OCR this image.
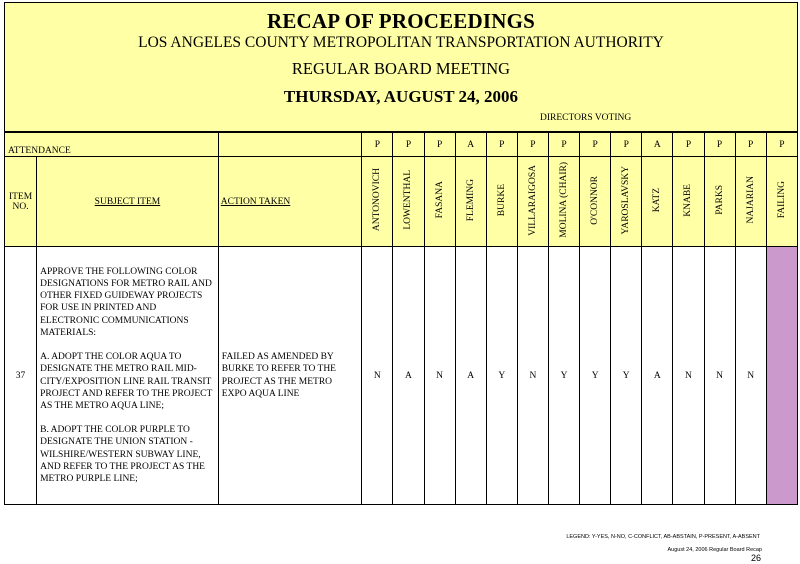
RECAP OF PROCEEDINGS
LOS ANGELES COUNTY METROPOLITAN TRANSPORTATION AUTHORITY
REGULAR BOARD MEETING
THURSDAY, AUGUST 24, 2006
DIRECTORS VOTING
ATTENDANCE			P	P	P	A	P	P	P	P	P	A	P	P	P	P
ITEM NO.	SUBJECT ITEM	ACTION TAKEN	ANTONOVICH	LOWENTHAL	FASANA	FLEMING	BURKE	VILLARAIGOSA	MOLINA (CHAIR)	O'CONNOR	YAROSLAVSKY	KATZ	KNABE	PARKS	NAJARIAN	FAILING
37	APPROVE THE FOLLOWING COLOR DESIGNATIONS FOR METRO RAIL AND OTHER FIXED GUIDEWAY PROJECTS FOR USE IN PRINTED AND ELECTRONIC COMMUNICATIONS MATERIALS:

A. ADOPT THE COLOR AQUA TO DESIGNATE THE METRO RAIL MID-CITY/EXPOSITION LINE RAIL TRANSIT PROJECT AND REFER TO THE PROJECT AS THE METRO AQUA LINE;

B. ADOPT THE COLOR PURPLE TO DESIGNATE THE UNION STATION - WILSHIRE/WESTERN SUBWAY LINE, AND REFER TO THE PROJECT AS THE METRO PURPLE LINE;	FAILED AS AMENDED BY BURKE TO REFER TO THE PROJECT AS THE METRO EXPO AQUA LINE	N	A	N	A	Y	N	Y	Y	Y	A	N	N	N	
LEGEND: Y-YES, N-NO, C-CONFLICT, AB-ABSTAIN, P-PRESENT, A-ABSENT
August 24, 2006 Regular Board Recap
26
